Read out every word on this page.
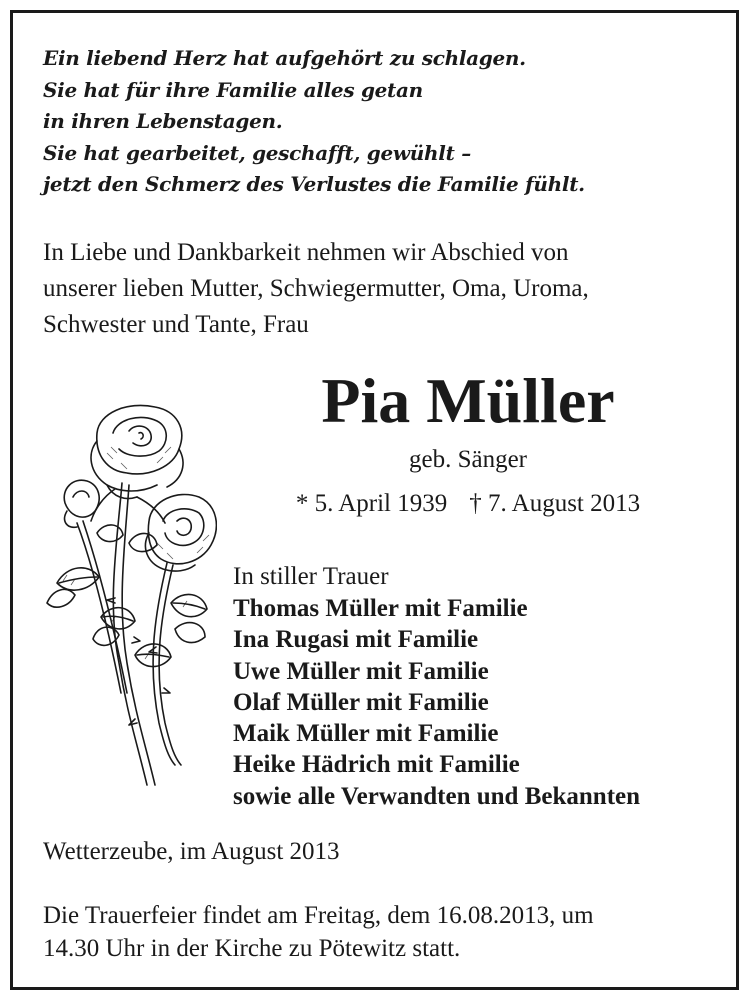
Ein liebend Herz hat aufgehört zu schlagen.
Sie hat für ihre Familie alles getan
in ihren Lebenstagen.
Sie hat gearbeitet, geschafft, gewühlt –
jetzt den Schmerz des Verlustes die Familie fühlt.
In Liebe und Dankbarkeit nehmen wir Abschied von
unserer lieben Mutter, Schwiegermutter, Oma, Uroma,
Schwester und Tante, Frau
Pia Müller
geb. Sänger
* 5. April 1939 † 7. August 2013
In stiller Trauer
Thomas Müller mit Familie
Ina Rugasi mit Familie
Uwe Müller mit Familie
Olaf Müller mit Familie
Maik Müller mit Familie
Heike Hädrich mit Familie
sowie alle Verwandten und Bekannten
Wetterzeube, im August 2013
Die Trauerfeier findet am Freitag, dem 16.08.2013, um
14.30 Uhr in der Kirche zu Pötewitz statt.
